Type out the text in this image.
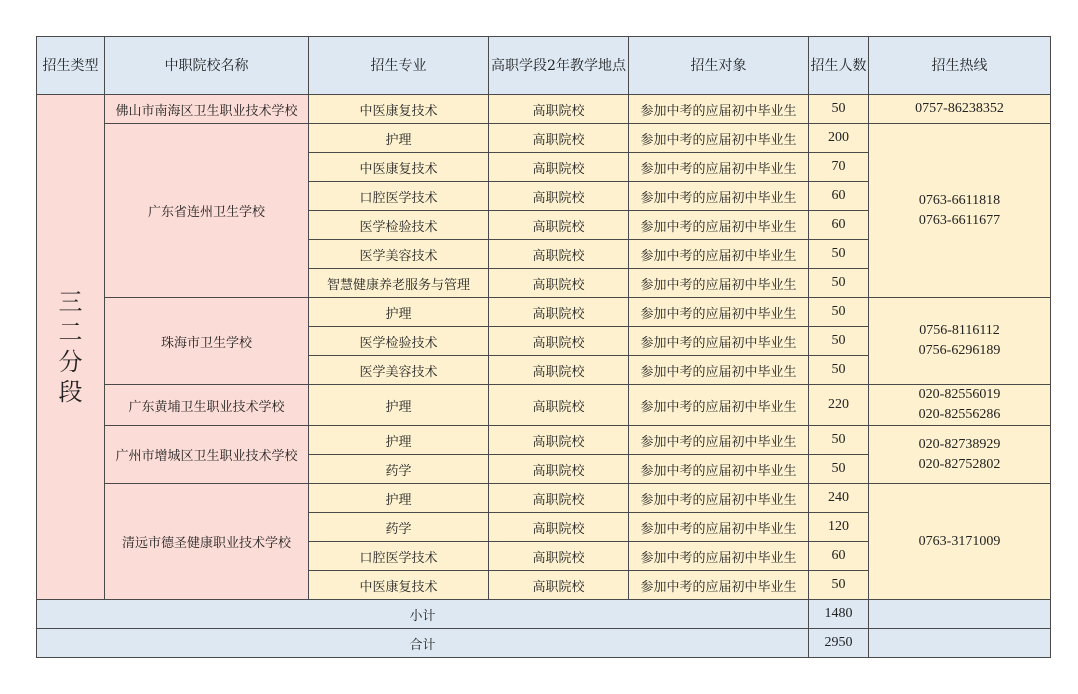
招生类型	中职院校名称	招生专业	高职学段2年教学地点	招生对象	招生人数	招生热线

三
二
分
段	佛山市南海区卫生职业技术学校	中医康复技术	高职院校	参加中考的应届初中毕业生	50	0757-86238352

	广东省连州卫生学校	护理	高职院校	参加中考的应届初中毕业生	200	0763-6611818
0763-6611677

		中医康复技术	高职院校	参加中考的应届初中毕业生	70	
		口腔医学技术	高职院校	参加中考的应届初中毕业生	60	
		医学检验技术	高职院校	参加中考的应届初中毕业生	60	
		医学美容技术	高职院校	参加中考的应届初中毕业生	50	
		智慧健康养老服务与管理	高职院校	参加中考的应届初中毕业生	50	
	珠海市卫生学校	护理	高职院校	参加中考的应届初中毕业生	50	0756-8116112
0756-6296189

		医学检验技术	高职院校	参加中考的应届初中毕业生	50	
		医学美容技术	高职院校	参加中考的应届初中毕业生	50	
	广东黄埔卫生职业技术学校	护理	高职院校	参加中考的应届初中毕业生	220	020-82556019
020-82556286

	广州市增城区卫生职业技术学校	护理	高职院校	参加中考的应届初中毕业生	50	020-82738929
020-82752802

		药学	高职院校	参加中考的应届初中毕业生	50	
	清远市德圣健康职业技术学校	护理	高职院校	参加中考的应届初中毕业生	240	0763-3171009

		药学	高职院校	参加中考的应届初中毕业生	120	
		口腔医学技术	高职院校	参加中考的应届初中毕业生	60	
		中医康复技术	高职院校	参加中考的应届初中毕业生	50	
小计					1480	
合计					2950	
